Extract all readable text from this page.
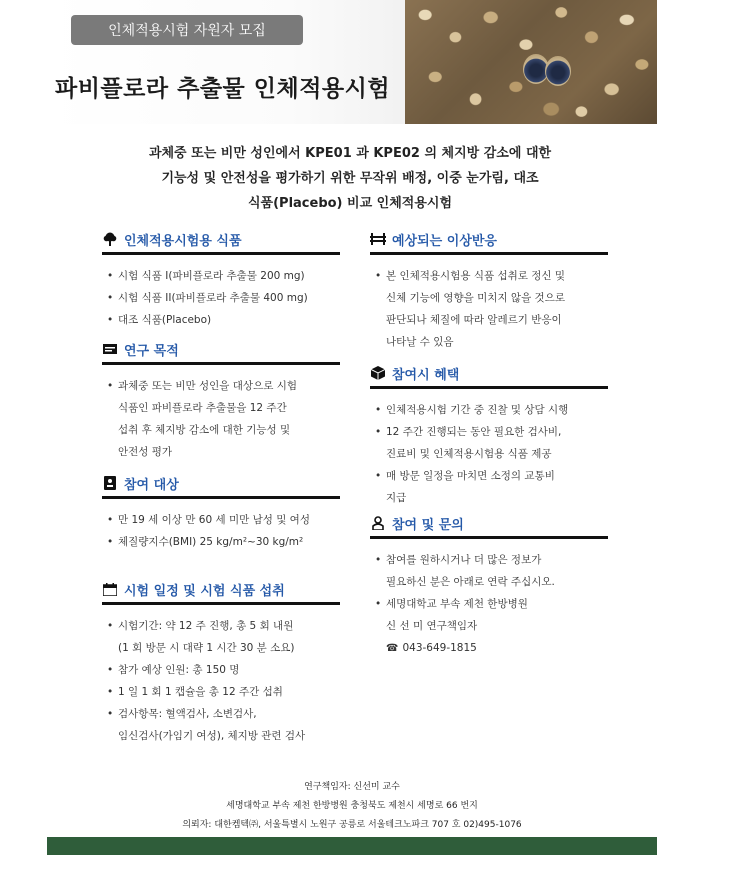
인체적용시험 자원자 모집
파비플로라 추출물 인체적용시험
과체중 또는 비만 성인에서 KPE01 과 KPE02 의 체지방 감소에 대한
기능성 및 안전성을 평가하기 위한 무작위 배정, 이중 눈가림, 대조
식품(Placebo) 비교 인체적용시험
인체적용시험용 식품
• 시험 식품 I(파비플로라 추출물 200 mg)
• 시험 식품 II(파비플로라 추출물 400 mg)
• 대조 식품(Placebo)
연구 목적
• 과체중 또는 비만 성인을 대상으로 시험
식품인 파비플로라 추출물을 12 주간
섭취 후 체지방 감소에 대한 기능성 및
안전성 평가
참여 대상
• 만 19 세 이상 만 60 세 미만 남성 및 여성
• 체질량지수(BMI) 25 kg/m²~30 kg/m²
시험 일정 및 시험 식품 섭취
• 시험기간: 약 12 주 진행, 총 5 회 내원
(1 회 방문 시 대략 1 시간 30 분 소요)
• 참가 예상 인원: 총 150 명
• 1 일 1 회 1 캡슐을 총 12 주간 섭취
• 검사항목: 혈액검사, 소변검사,
임신검사(가임기 여성), 체지방 관련 검사
예상되는 이상반응
• 본 인체적용시험용 식품 섭취로 정신 및
신체 기능에 영향을 미치지 않을 것으로
판단되나 체질에 따라 알레르기 반응이
나타날 수 있음
참여시 혜택
• 인체적용시험 기간 중 진찰 및 상담 시행
• 12 주간 진행되는 동안 필요한 검사비,
진료비 및 인체적용시험용 식품 제공
• 매 방문 일정을 마치면 소정의 교통비
지급
참여 및 문의
• 참여를 원하시거나 더 많은 정보가
필요하신 분은 아래로 연락 주십시오.
• 세명대학교 부속 제천 한방병원
신 선 미 연구책임자
☎ 043-649-1815
연구책임자: 신선미 교수
세명대학교 부속 제천 한방병원 충청북도 제천시 세명로 66 번지
의뢰자: 대한켐텍㈜, 서울특별시 노원구 공릉로 서울테크노파크 707 호 02)495-1076
